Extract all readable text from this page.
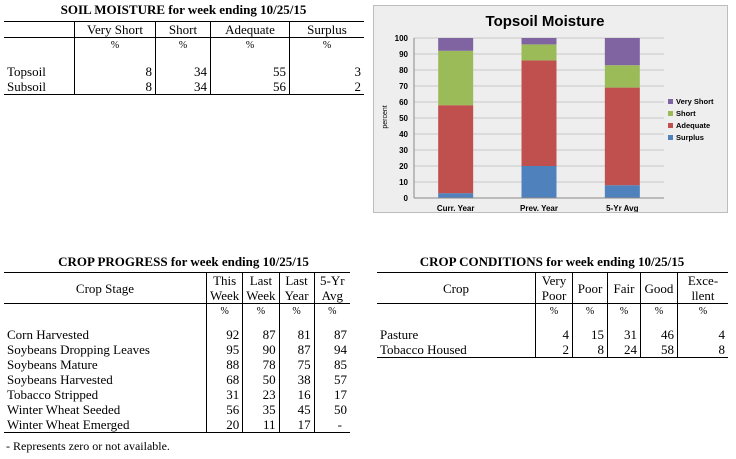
SOIL MOISTURE for week ending 10/25/15
	Very Short	Short	Adequate	Surplus
	%	%	%	%

Topsoil	8	34	55	3
Subsoil	8	34	56	2
Topsoil Moisture
0
10
20
30
40
50
60
70
80
90
100
Curr. Year	Prev. Year	5-Yr Avg
Very Short
Short
Adequate
Surplus
percent
CROP PROGRESS for week ending 10/25/15
Crop Stage	This	Last	Last	5-Yr
	Week	Week	Year	Avg
	%	%	%	%

Corn Harvested	92	87	81	87
Soybeans Dropping Leaves	95	90	87	94
Soybeans Mature	88	78	75	85
Soybeans Harvested	68	50	38	57
Tobacco Stripped	31	23	16	17
Winter Wheat Seeded	56	35	45	50
Winter Wheat Emerged	20	11	17	-
- Represents zero or not available.
CROP CONDITIONS for week ending 10/25/15
Crop	Very	Poor	Fair	Good	Exce-
	Poor				llent
	%	%	%	%	%

Pasture	4	15	31	46	4
Tobacco Housed	2	8	24	58	8
